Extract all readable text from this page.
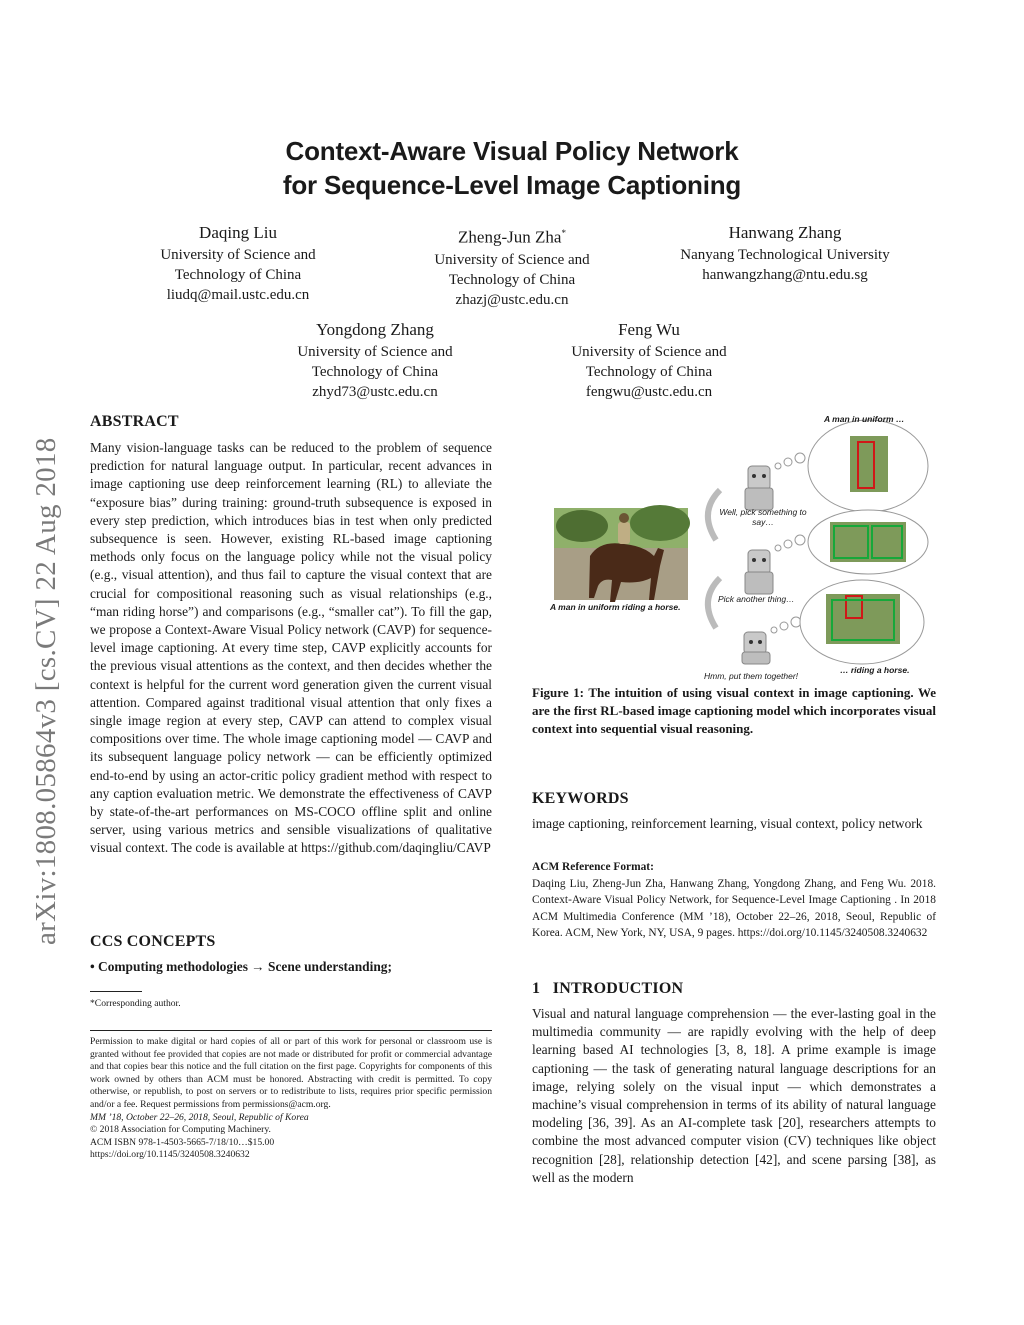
Context-Aware Visual Policy Network
for Sequence-Level Image Captioning
Daqing Liu
University of Science and
Technology of China
liudq@mail.ustc.edu.cn
Zheng-Jun Zha*
University of Science and
Technology of China
zhazj@ustc.edu.cn
Hanwang Zhang
Nanyang Technological University
hanwangzhang@ntu.edu.sg
Yongdong Zhang
University of Science and
Technology of China
zhyd73@ustc.edu.cn
Feng Wu
University of Science and
Technology of China
fengwu@ustc.edu.cn
arXiv:1808.05864v3 [cs.CV] 22 Aug 2018
ABSTRACT
Many vision-language tasks can be reduced to the problem of sequence prediction for natural language output. In particular, recent advances in image captioning use deep reinforcement learning (RL) to alleviate the “exposure bias” during training: ground-truth subsequence is exposed in every step prediction, which introduces bias in test when only predicted subsequence is seen. However, existing RL-based image captioning methods only focus on the language policy while not the visual policy (e.g., visual attention), and thus fail to capture the visual context that are crucial for compositional reasoning such as visual relationships (e.g., “man riding horse”) and comparisons (e.g., “smaller cat”). To fill the gap, we propose a Context-Aware Visual Policy network (CAVP) for sequence-level image captioning. At every time step, CAVP explicitly accounts for the previous visual attentions as the context, and then decides whether the context is helpful for the current word generation given the current visual attention. Compared against traditional visual attention that only fixes a single image region at every step, CAVP can attend to complex visual compositions over time. The whole image captioning model — CAVP and its subsequent language policy network — can be efficiently optimized end-to-end by using an actor-critic policy gradient method with respect to any caption evaluation metric. We demonstrate the effectiveness of CAVP by state-of-the-art performances on MS-COCO offline split and online server, using various metrics and sensible visualizations of qualitative visual context. The code is available at https://github.com/daqingliu/CAVP
CCS CONCEPTS
• Computing methodologies → Scene understanding;
*Corresponding author.
Permission to make digital or hard copies of all or part of this work for personal or classroom use is granted without fee provided that copies are not made or distributed for profit or commercial advantage and that copies bear this notice and the full citation on the first page. Copyrights for components of this work owned by others than ACM must be honored. Abstracting with credit is permitted. To copy otherwise, or republish, to post on servers or to redistribute to lists, requires prior specific permission and/or a fee. Request permissions from permissions@acm.org.
MM ’18, October 22–26, 2018, Seoul, Republic of Korea
© 2018 Association for Computing Machinery.
ACM ISBN 978-1-4503-5665-7/18/10…$15.00
https://doi.org/10.1145/3240508.3240632
A man in uniform …
A man in uniform riding a horse.
Well, pick something to say…
Pick another thing…
Hmm, put them together!
… riding a horse.
Figure 1: The intuition of using visual context in image captioning. We are the first RL-based image captioning model which incorporates visual context into sequential visual reasoning.
KEYWORDS
image captioning, reinforcement learning, visual context, policy network
ACM Reference Format:
Daqing Liu, Zheng-Jun Zha, Hanwang Zhang, Yongdong Zhang, and Feng Wu. 2018. Context-Aware Visual Policy Network, for Sequence-Level Image Captioning . In 2018 ACM Multimedia Conference (MM ’18), October 22–26, 2018, Seoul, Republic of Korea. ACM, New York, NY, USA, 9 pages. https://doi.org/10.1145/3240508.3240632
1   INTRODUCTION
Visual and natural language comprehension — the ever-lasting goal in the multimedia community — are rapidly evolving with the help of deep learning based AI technologies [3, 8, 18]. A prime example is image captioning — the task of generating natural language descriptions for an image, relying solely on the visual input — which demonstrates a machine’s visual comprehension in terms of its ability of natural language modeling [36, 39]. As an AI-complete task [20], researchers attempts to combine the most advanced computer vision (CV) techniques like object recognition [28], relationship detection [42], and scene parsing [38], as well as the modern
